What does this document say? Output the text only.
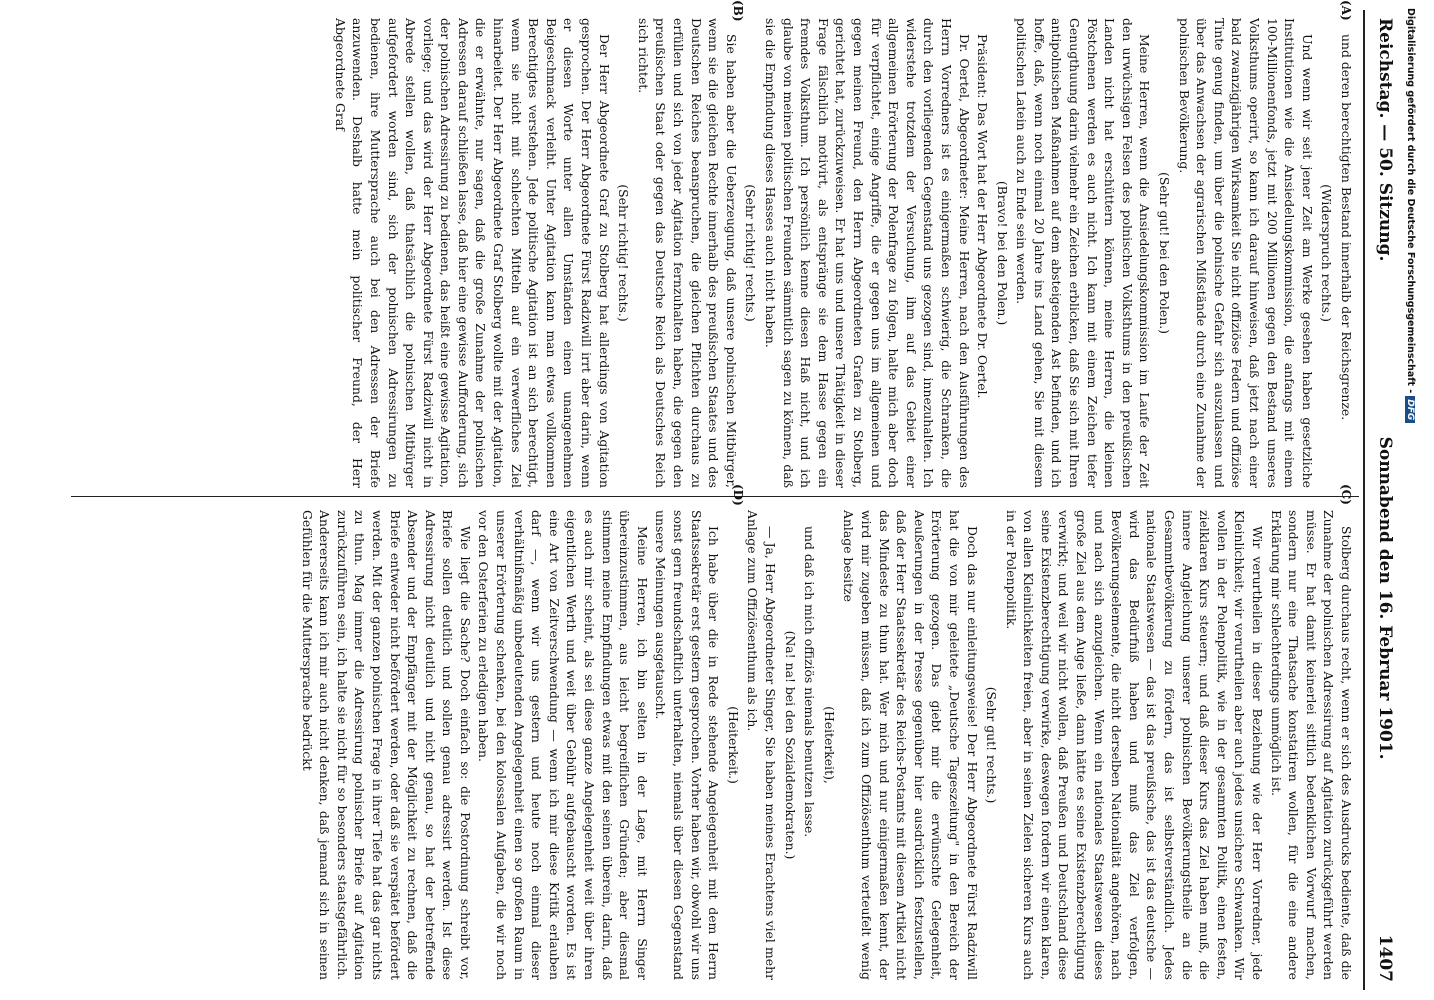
Reichstag. — 50. Sitzung.
Sonnabend den 16. Februar 1901.
1407

und deren berechtigten Bestand innerhalb der Reichsgrenze.

(Widerspruch rechts.)

Und wenn wir seit jener Zeit am Werke gesehen haben gesetzliche Institutionen wie die Ansiedelungskommission, die anfangs mit einem 100-Millionenfonds, jetzt mit 200 Millionen gegen den Bestand unseres Volksthums operirt, so kann ich darauf hinweisen, daß jetzt nach einer bald zwanzigjährigen Wirksamkeit Sie nicht offiziöse Federn und offiziöse Tinte genug finden, um über die polnische Gefahr sich auszulassen und über das Anwachsen der agrarischen Mißstände durch eine Zunahme der polnischen Bevölkerung.

(Sehr gut! bei den Polen.)

Meine Herren, wenn die Ansiedelungskommission im Laufe der Zeit den urwüchsigen Felsen des polnischen Volksthums in den preußischen Landen nicht hat erschüttern können, meine Herren, die kleinen Pöstchenen werden es auch nicht. Ich kann mit einem Zeichen tiefer Genugthuung darin vielmehr ein Zeichen erblicken, daß Sie sich mit Ihren antipolnischen Maßnahmen auf dem absteigenden Ast befinden, und ich hoffe, daß, wenn noch einmal 20 Jahre ins Land gehen, Sie mit diesem politischen Latein auch zu Ende sein werden.

(Bravo! bei den Polen.)

Präsident: Das Wort hat der Herr Abgeordnete Dr. Oertel.

Dr. Oertel, Abgeordneter: Meine Herren, nach den Ausführungen des Herrn Vorredners ist es einigermaßen schwierig, die Schranken, die durch den vorliegenden Gegenstand uns gezogen sind, innezuhalten. Ich widerstehe trotzdem der Versuchung, ihm auf das Gebiet einer allgemeinen Erörterung der Polenfrage zu folgen, halte mich aber doch für verpflichtet, einige Angriffe, die er gegen uns im allgemeinen und gegen meinen Freund, den Herrn Abgeordneten Grafen zu Stolberg, gerichtet hat, zurückzuweisen. Er hat uns und unsere Thätigkeit in dieser Frage fälschlich motivirt, als entspränge sie dem Hasse gegen ein fremdes Volksthum. Ich persönlich kenne diesen Haß nicht, und ich glaube von meinen politischen Freunden sämmtlich sagen zu können, daß sie die Empfindung dieses Hasses auch nicht haben.

(Sehr richtig! rechts.)

Sie haben aber die Ueberzeugung, daß unsere polnischen Mitbürger, wenn sie die gleichen Rechte innerhalb des preußischen Staates und des Deutschen Reiches beanspruchen, die gleichen Pflichten durchaus zu erfüllen und sich von jeder Agitation fernzuhalten haben, die gegen den preußischen Staat oder gegen das Deutsche Reich als Deutsches Reich sich richtet.

(Sehr richtig! rechts.)

Der Herr Abgeordnete Graf zu Stolberg hat allerdings von Agitation gesprochen. Der Herr Abgeordnete Fürst Radziwill irrt aber darin, wenn er diesen Worte unter allen Umständen einen unangenehmen Beigeschmack verleiht. Unter Agitation kann man etwas vollkommen Berechtigtes verstehen. Jede politische Agitation ist an sich berechtigt, wenn sie nicht mit schlechten Mitteln auf ein verwerfliches Ziel hinarbeitet. Der Herr Abgeordnete Graf Stolberg wollte mit der Agitation, die er erwähnte, nur sagen, daß die große Zunahme der polnischen Adressen darauf schließen lasse, daß hier eine gewisse Aufforderung, sich der polnischen Adressirung zu bedienen, das heißt eine gewisse Agitation, vorliege; und das wird der Herr Abgeordnete Fürst Radziwill nicht in Abrede stellen wollen, daß thatsächlich die polnischen Mitbürger aufgefordert worden sind, sich der polnischen Adressirungen zu bedienen, ihre Muttersprache auch bei den Adressen der Briefe anzuwenden. Deshalb hatte mein politischer Freund, der Herr Abgeordnete Graf

Stolberg durchaus recht, wenn er sich des Ausdrucks bediente, daß die Zunahme der polnischen Adressirung auf Agitation zurückgeführt werden müsse. Er hat damit keinerlei sittlich bedenklichen Vorwurf machen, sondern nur eine Thatsache konstatiren wollen, für die eine andere Erklärung mir schlechterdings unmöglich ist.

Wir verurtheilen in dieser Beziehung wie der Herr Vorredner, jede Kleinlichkeit; wir verurtheilen aber auch jedes unsichere Schwanken. Wir wollen in der Polenpolitik, wie in der gesammten Politik, einen festen, zielklaren Kurs steuern; und daß dieser Kurs das Ziel haben muß, die innere Angleichung unserer polnischen Bevölkerungstheile an die Gesammtbevölkerung zu fördern, das ist selbstverständlich. Jedes nationale Staatswesen — das ist das preußische, das ist das deutsche — wird das Bedürfniß haben und muß das Ziel verfolgen, Bevölkerungselemente, die nicht derselben Nationalität angehören, nach und nach sich anzugleichen. Wenn ein nationales Staatswesen dieses große Ziel aus dem Auge ließe, dann hätte es seine Existenzberechtigung verwirkt; und weil wir nicht wollen, daß Preußen und Deutschland diese seine Existenzberechtigung verwirke, deswegen fordern wir einen klaren, von allen Kleinlichkeiten freien, aber in seinen Zielen sicheren Kurs auch in der Polenpolitik.

(Sehr gut! rechts.)

Doch das nur einleitungsweise! Der Herr Abgeordnete Fürst Radziwill hat die von mir geleitete „Deutsche Tageszeitung" in den Bereich der Erörterung gezogen. Das giebt mir die erwünschte Gelegenheit, Aeußerungen in der Presse gegenüber hier ausdrücklich festzustellen, daß der Herr Staatssekretär des Reichs-Postamts mit diesem Artikel nicht das Mindeste zu thun hat. Wer mich und nur einigermaßen kennt, der wird mir zugeben müssen, daß ich zum Offiziösenthum verteufelt wenig Anlage besitze

(Heiterkeit),

und daß ich mich offiziös niemals benutzen lasse.

(Na! na! bei den Sozialdemokraten.)

— Ja, Herr Abgeordneter Singer, Sie haben meines Erachtens viel mehr Anlage zum Offiziösenthum als ich.

(Heiterkeit.)

Ich habe über die in Rede stehende Angelegenheit mit dem Herrn Staatssekretär erst gestern gesprochen. Vorher haben wir, obwohl wir uns sonst gern freundschaftlich unterhalten, niemals über diesen Gegenstand unsere Meinungen ausgetauscht.

Meine Herren, ich bin selten in der Lage, mit Herrn Singer übereinzustimmen, aus leicht begreiflichen Gründen; aber diesmal stimmen meine Empfindungen etwas mit den seinen überein, darin, daß es auch mir scheint, als sei diese ganze Angelegenheit weit über ihren eigentlichen Werth und weit über Gebühr aufgebauscht worden. Es ist eine Art von Zeitverschwendung — wenn ich mir diese Kritik erlauben darf —, wenn wir uns gestern und heute noch einmal dieser verhältnißmäßig unbedeutenden Angelegenheit einen so großen Raum in unserer Erörterung schenken, bei den kolossalen Aufgaben, die wir noch vor den Osterferien zu erledigen haben.

Wie liegt die Sache? Doch einfach so: die Postordnung schreibt vor, Briefe sollen deutlich und sollen genau adressirt werden. Ist diese Adressirung nicht deutlich und nicht genau, so hat der betreffende Absender und der Empfänger mit der Möglichkeit zu rechnen, daß die Briefe entweder nicht befördert werden, oder daß sie verspätet befördert werden. Mit der ganzen polnischen Frage in ihrer Tiefe hat das gar nichts zu thun. Mag immer die Adressirung polnischer Briefe auf Agitation zurückzuführen sein, ich halte sie nicht für so besonders staatsgefährlich. Andererseits kann ich mir auch nicht denken, daß jemand sich in seinen Gefühlen für die Muttersprache bedrückt

(A)
(B)
(C)
(D)
Digitalisierung gefördert durch die Deutsche Forschungsgemeinschaft -DFG
